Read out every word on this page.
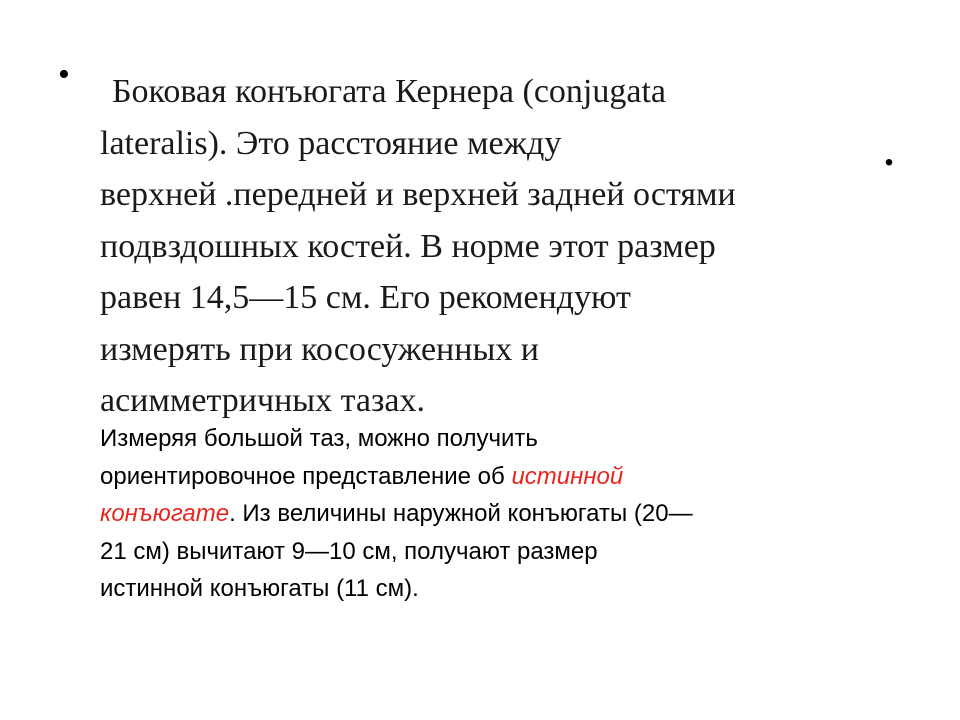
•
.
Боковая конъюгата Кернера (conjugata
lateralis). Это расстояние между
верхней .передней и верхней задней остями
подвздошных костей. В норме этот размер
равен 14,5—15 см. Его рекомендуют
измерять при кососуженных и
асимметричных тазах.
Измеряя большой таз, можно получить
ориентировочное представление об истинной
конъюгате. Из величины наружной конъюгаты (20—
21 см) вычитают 9—10 см, получают размер
истинной конъюгаты (11 см).
